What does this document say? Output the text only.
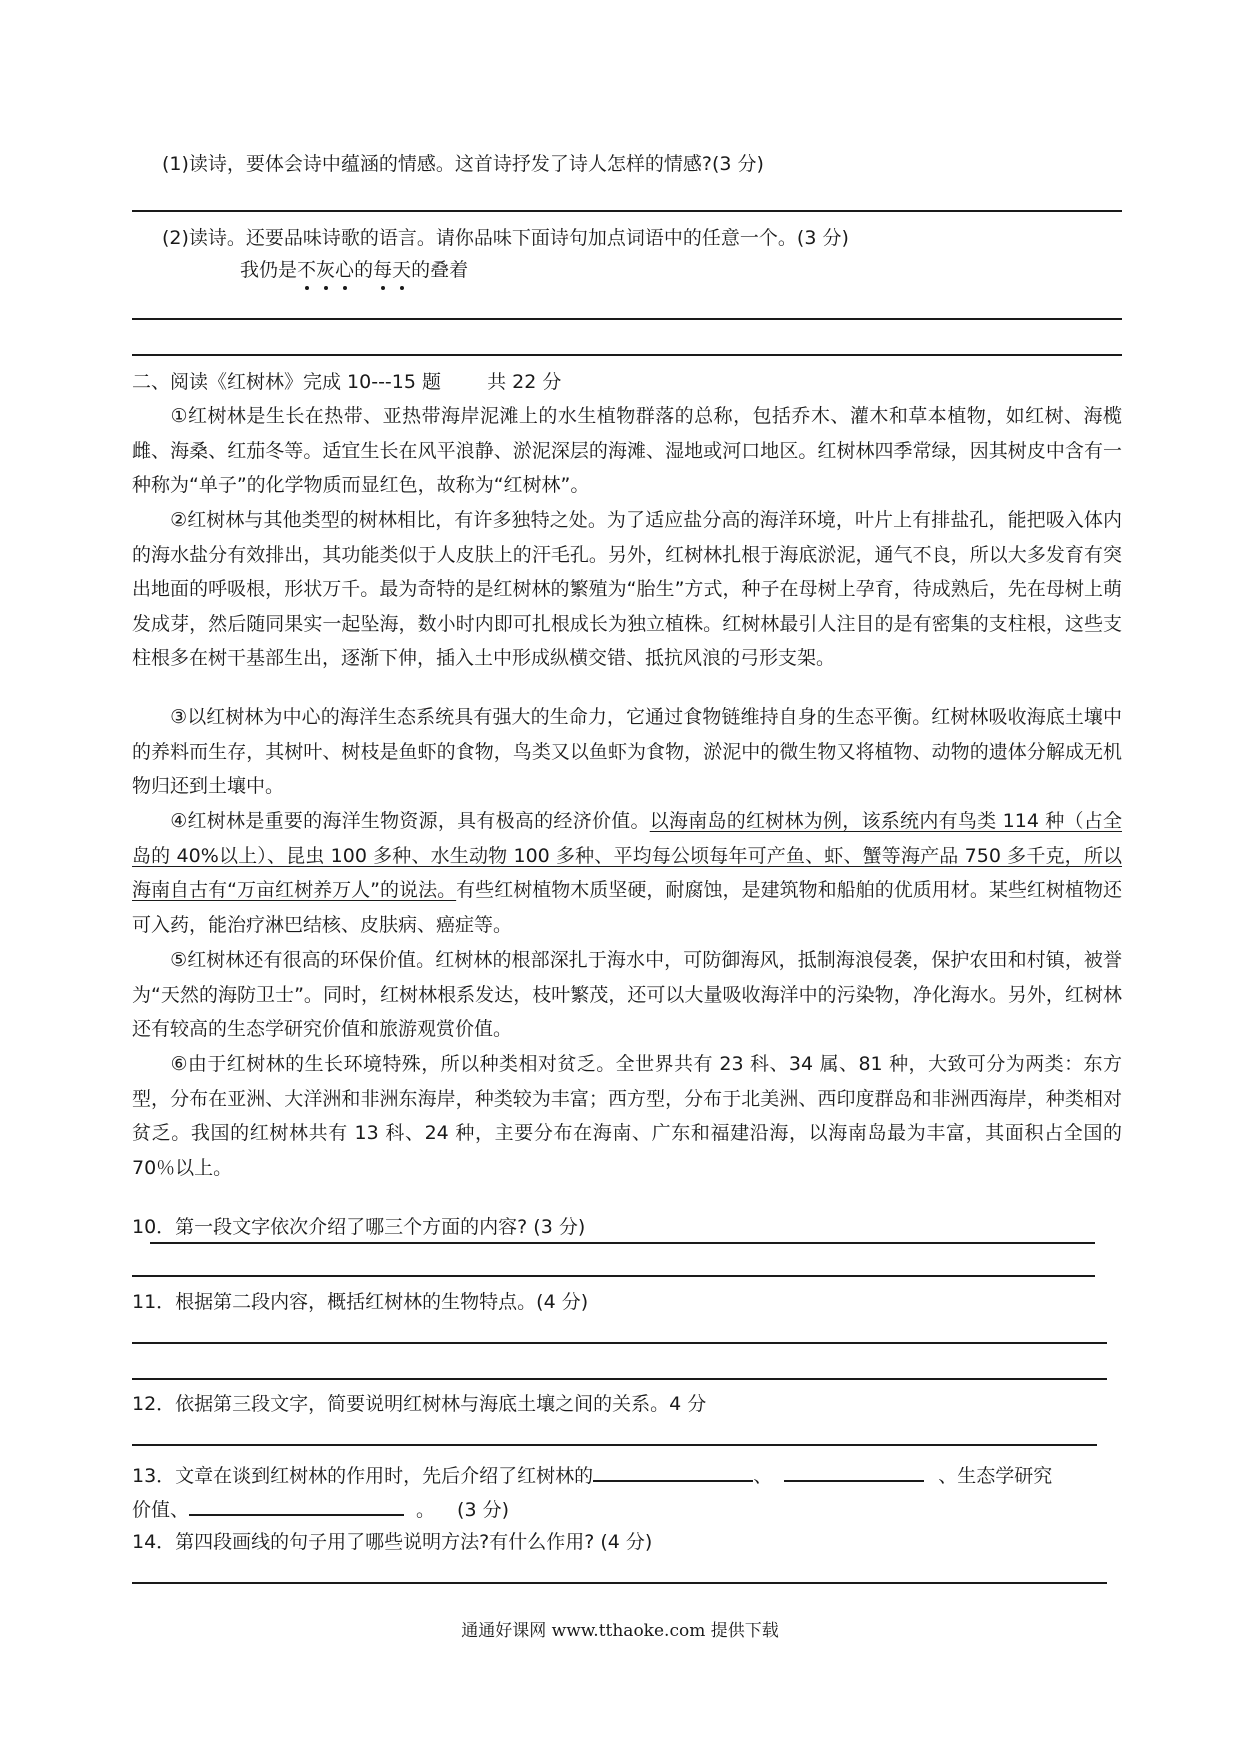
(1)读诗，要体会诗中蕴涵的情感。这首诗抒发了诗人怎样的情感?(3 分)
(2)读诗。还要品味诗歌的语言。请你品味下面诗句加点词语中的任意一个。(3 分)
我仍是不灰心的每天的叠着
二、阅读《红树林》完成 10---15 题 共 22 分
①红树林是生长在热带、亚热带海岸泥滩上的水生植物群落的总称，包括乔木、灌木和草本植物，如红树、海榄雌、海桑、红茄冬等。适宜生长在风平浪静、淤泥深层的海滩、湿地或河口地区。红树林四季常绿，因其树皮中含有一种称为“单子”的化学物质而显红色，故称为“红树林”。
②红树林与其他类型的树林相比，有许多独特之处。为了适应盐分高的海洋环境，叶片上有排盐孔，能把吸入体内的海水盐分有效排出，其功能类似于人皮肤上的汗毛孔。另外，红树林扎根于海底淤泥，通气不良，所以大多发育有突出地面的呼吸根，形状万千。最为奇特的是红树林的繁殖为“胎生”方式，种子在母树上孕育，待成熟后，先在母树上萌发成芽，然后随同果实一起坠海，数小时内即可扎根成长为独立植株。红树林最引人注目的是有密集的支柱根，这些支柱根多在树干基部生出，逐渐下伸，插入土中形成纵横交错、抵抗风浪的弓形支架。
③以红树林为中心的海洋生态系统具有强大的生命力，它通过食物链维持自身的生态平衡。红树林吸收海底土壤中的养料而生存，其树叶、树枝是鱼虾的食物，鸟类又以鱼虾为食物，淤泥中的微生物又将植物、动物的遗体分解成无机物归还到土壤中。
④红树林是重要的海洋生物资源，具有极高的经济价值。以海南岛的红树林为例，该系统内有鸟类 114 种（占全岛的 40%以上）、昆虫 100 多种、水生动物 100 多种、平均每公顷每年可产鱼、虾、蟹等海产品 750 多千克，所以海南自古有“万亩红树养万人”的说法。有些红树植物木质坚硬，耐腐蚀，是建筑物和船舶的优质用材。某些红树植物还可入药，能治疗淋巴结核、皮肤病、癌症等。
⑤红树林还有很高的环保价值。红树林的根部深扎于海水中，可防御海风，抵制海浪侵袭，保护农田和村镇，被誉为“天然的海防卫士”。同时，红树林根系发达，枝叶繁茂，还可以大量吸收海洋中的污染物，净化海水。另外，红树林还有较高的生态学研究价值和旅游观赏价值。
⑥由于红树林的生长环境特殊，所以种类相对贫乏。全世界共有 23 科、34 属、81 种，大致可分为两类：东方型，分布在亚洲、大洋洲和非洲东海岸，种类较为丰富；西方型，分布于北美洲、西印度群岛和非洲西海岸，种类相对贫乏。我国的红树林共有 13 科、24 种，主要分布在海南、广东和福建沿海，以海南岛最为丰富，其面积占全国的 70％以上。
10．第一段文字依次介绍了哪三个方面的内容? (3 分)
11．根据第二段内容，概括红树林的生物特点。(4 分)
12．依据第三段文字，简要说明红树林与海底土壤之间的关系。4 分
13．文章在谈到红树林的作用时，先后介绍了红树林的	、	、生态学研究
价值、	。 (3 分)
14．第四段画线的句子用了哪些说明方法?有什么作用? (4 分)
通通好课网 www.tthaoke.com 提供下载
